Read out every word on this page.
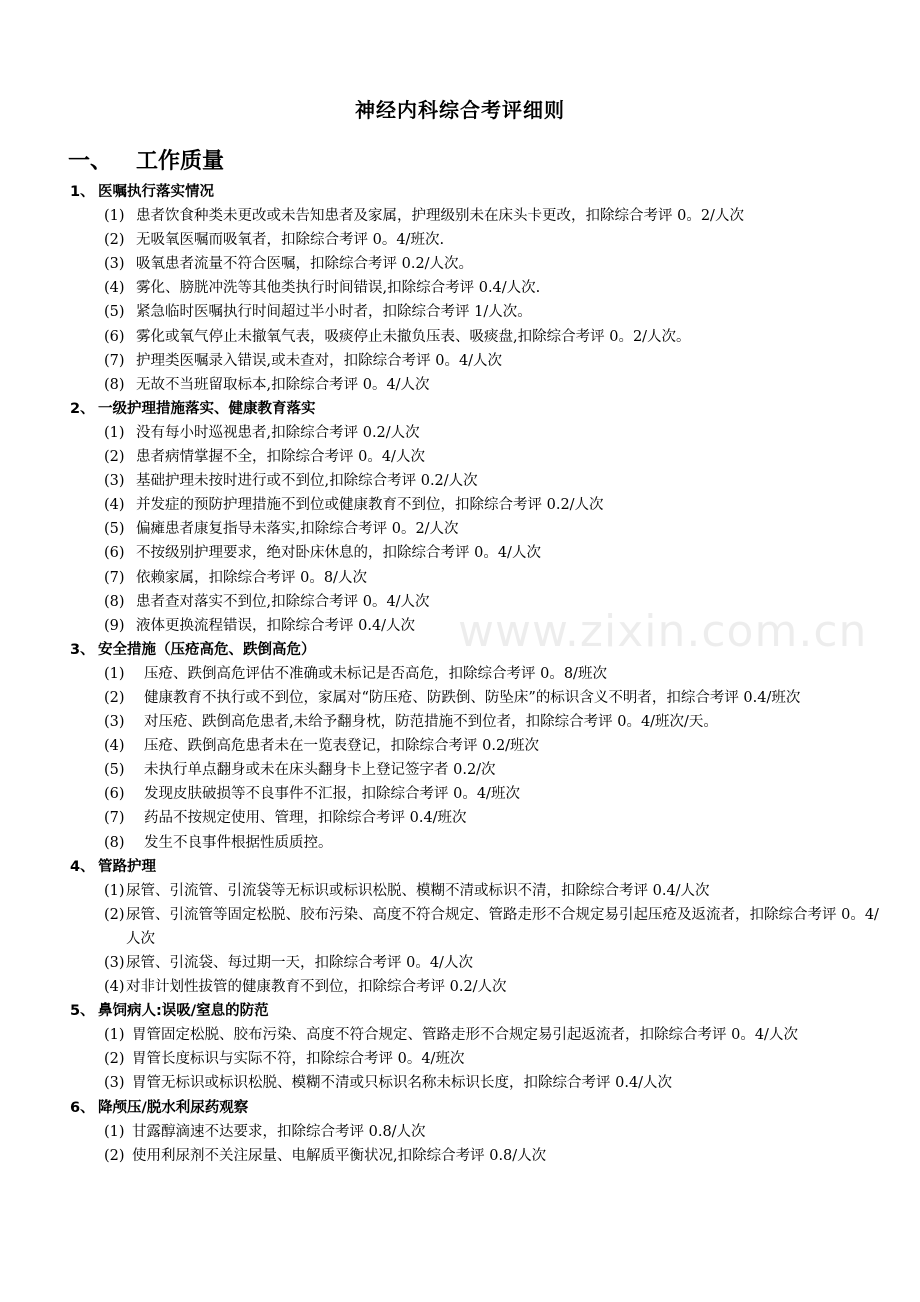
神经内科综合考评细则
一、 工作质量
1、 医嘱执行落实情况
(1) 患者饮食种类未更改或未告知患者及家属，护理级别未在床头卡更改，扣除综合考评 0。2/人次
(2) 无吸氧医嘱而吸氧者，扣除综合考评 0。4/班次.
(3) 吸氧患者流量不符合医嘱，扣除综合考评 0.2/人次。
(4) 雾化、膀胱冲洗等其他类执行时间错误,扣除综合考评 0.4/人次.
(5) 紧急临时医嘱执行时间超过半小时者，扣除综合考评 1/人次。
(6) 雾化或氧气停止未撤氧气表，吸痰停止未撤负压表、吸痰盘,扣除综合考评 0。2/人次。
(7) 护理类医嘱录入错误,或未查对，扣除综合考评 0。4/人次
(8) 无故不当班留取标本,扣除综合考评 0。4/人次
2、 一级护理措施落实、健康教育落实
(1) 没有每小时巡视患者,扣除综合考评 0.2/人次
(2) 患者病情掌握不全，扣除综合考评 0。4/人次
(3) 基础护理未按时进行或不到位,扣除综合考评 0.2/人次
(4) 并发症的预防护理措施不到位或健康教育不到位，扣除综合考评 0.2/人次
(5) 偏瘫患者康复指导未落实,扣除综合考评 0。2/人次
(6) 不按级别护理要求，绝对卧床休息的，扣除综合考评 0。4/人次
(7) 依赖家属，扣除综合考评 0。8/人次
(8) 患者查对落实不到位,扣除综合考评 0。4/人次
(9) 液体更换流程错误，扣除综合考评 0.4/人次
3、 安全措施（压疮高危、跌倒高危）
(1)	压疮、跌倒高危评估不准确或未标记是否高危，扣除综合考评 0。8/班次
(2)	健康教育不执行或不到位，家属对“防压疮、防跌倒、防坠床”的标识含义不明者，扣综合考评 0.4/班次
(3)	对压疮、跌倒高危患者,未给予翻身枕，防范措施不到位者，扣除综合考评 0。4/班次/天。
(4)	压疮、跌倒高危患者未在一览表登记，扣除综合考评 0.2/班次
(5)	未执行单点翻身或未在床头翻身卡上登记签字者 0.2/次
(6)	发现皮肤破损等不良事件不汇报，扣除综合考评 0。4/班次
(7)	药品不按规定使用、管理，扣除综合考评 0.4/班次
(8)	发生不良事件根据性质质控。
4、 管路护理
(1) 尿管、引流管、引流袋等无标识或标识松脱、模糊不清或标识不清，扣除综合考评 0.4/人次
(2) 尿管、引流管等固定松脱、胶布污染、高度不符合规定、管路走形不合规定易引起压疮及返流者，扣除综合考评 0。4/人次
(3) 尿管、引流袋、每过期一天，扣除综合考评 0。4/人次
(4) 对非计划性拔管的健康教育不到位，扣除综合考评 0.2/人次
5、 鼻饲病人:误吸/窒息的防范
(1) 胃管固定松脱、胶布污染、高度不符合规定、管路走形不合规定易引起返流者，扣除综合考评 0。4/人次
(2) 胃管长度标识与实际不符，扣除综合考评 0。4/班次
(3) 胃管无标识或标识松脱、模糊不清或只标识名称未标识长度，扣除综合考评 0.4/人次
6、 降颅压/脱水利尿药观察
(1) 甘露醇滴速不达要求，扣除综合考评 0.8/人次
(2) 使用利尿剂不关注尿量、电解质平衡状况,扣除综合考评 0.8/人次
www.zixin.com.cn
